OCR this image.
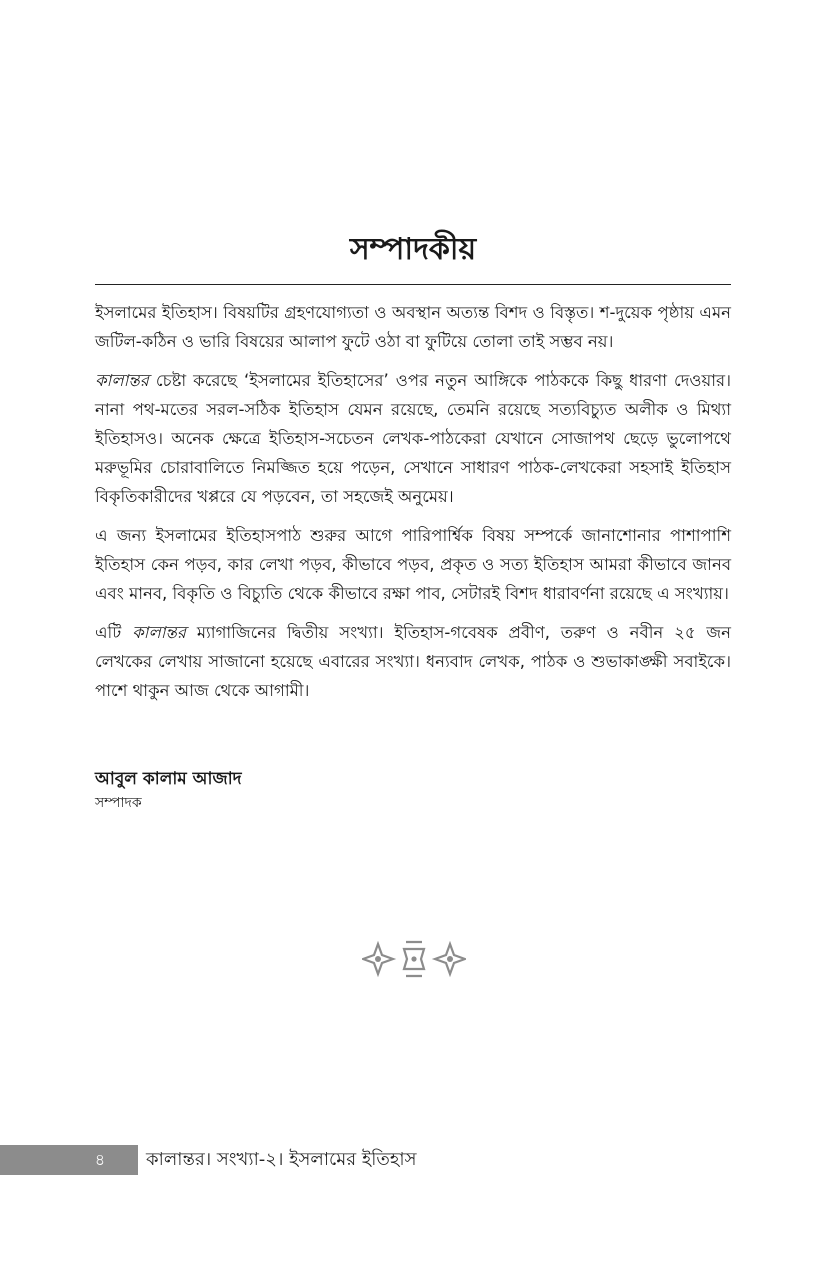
সম্পাদকীয়

ইসলামের ইতিহাস। বিষয়টির গ্রহণযোগ্যতা ও অবস্থান অত্যন্ত বিশদ ও বিস্তৃত। শ-দুয়েক পৃষ্ঠায় এমন জটিল-কঠিন ও ভারি বিষয়ের আলাপ ফুটে ওঠা বা ফুটিয়ে তোলা তাই সম্ভব নয়।

কালান্তর চেষ্টা করেছে ‘ইসলামের ইতিহাসের’ ওপর নতুন আঙ্গিকে পাঠককে কিছু ধারণা দেওয়ার। নানা পথ-মতের সরল-সঠিক ইতিহাস যেমন রয়েছে, তেমনি রয়েছে সত্যবিচ্যুত অলীক ও মিথ্যা ইতিহাসও। অনেক ক্ষেত্রে ইতিহাস-সচেতন লেখক-পাঠকেরা যেখানে সোজাপথ ছেড়ে ভুলোপথে মরুভূমির চোরাবালিতে নিমজ্জিত হয়ে পড়েন, সেখানে সাধারণ পাঠক-লেখকেরা সহসাই ইতিহাস বিকৃতিকারীদের খপ্পরে যে পড়বেন, তা সহজেই অনুমেয়।

এ জন্য ইসলামের ইতিহাসপাঠ শুরুর আগে পারিপার্শ্বিক বিষয় সম্পর্কে জানাশোনার পাশাপাশি ইতিহাস কেন পড়ব, কার লেখা পড়ব, কীভাবে পড়ব, প্রকৃত ও সত্য ইতিহাস আমরা কীভাবে জানব এবং মানব, বিকৃতি ও বিচ্যুতি থেকে কীভাবে রক্ষা পাব, সেটারই বিশদ ধারাবর্ণনা রয়েছে এ সংখ্যায়।

এটি কালান্তর ম্যাগাজিনের দ্বিতীয় সংখ্যা। ইতিহাস-গবেষক প্রবীণ, তরুণ ও নবীন ২৫ জন লেখকের লেখায় সাজানো হয়েছে এবারের সংখ্যা। ধন্যবাদ লেখক, পাঠক ও শুভাকাঙ্ক্ষী সবাইকে। পাশে থাকুন আজ থেকে আগামী।

আবুল কালাম আজাদ
সম্পাদক
৪	কালান্তর। সংখ্যা-২। ইসলামের ইতিহাস
